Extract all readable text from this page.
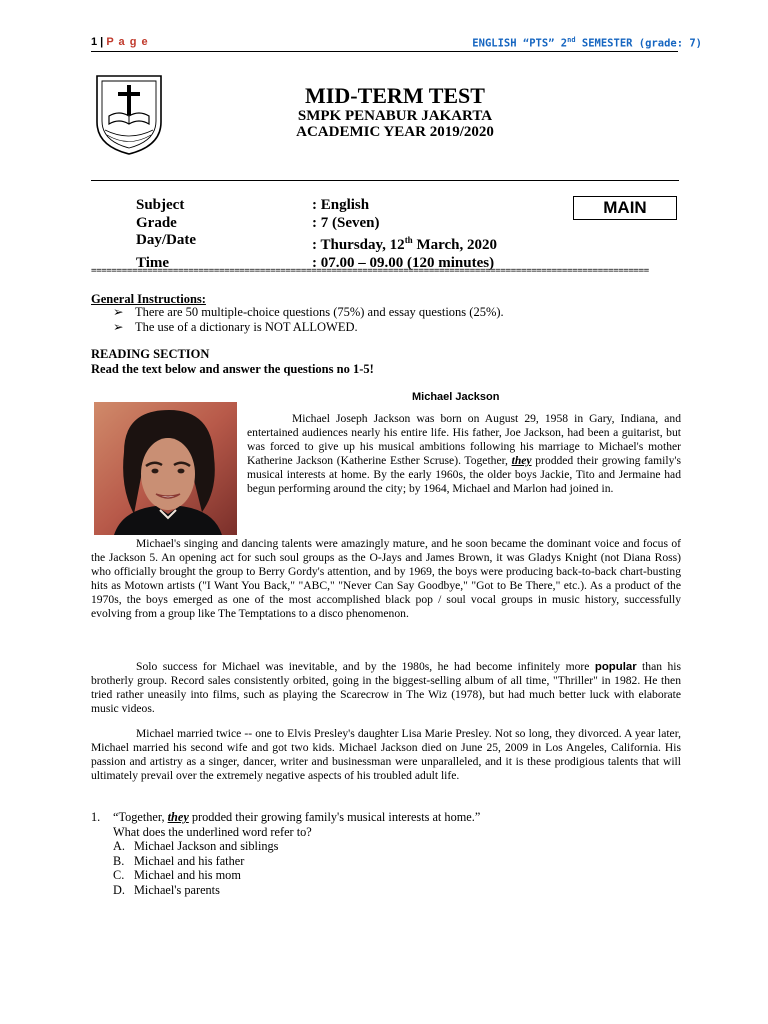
1 | P a g e	ENGLISH “PTS” 2nd SEMESTER (grade: 7)
MID-TERM TEST
SMPK PENABUR JAKARTA
ACADEMIC YEAR 2019/2020
Subject	: English
Grade	: 7 (Seven)
Day/Date	: Thursday, 12th March, 2020
Time	: 07.00 – 09.00 (120 minutes)
MAIN
=============================================================================================================
General Instructions:
➢ There are 50 multiple-choice questions (75%) and essay questions (25%).
➢ The use of a dictionary is NOT ALLOWED.
READING SECTION
Read the text below and answer the questions no 1-5!
Michael Jackson
Michael Joseph Jackson was born on August 29, 1958 in Gary, Indiana, and entertained audiences nearly his entire life. His father, Joe Jackson, had been a guitarist, but was forced to give up his musical ambitions following his marriage to Michael's mother Katherine Jackson (Katherine Esther Scruse). Together, they prodded their growing family's musical interests at home. By the early 1960s, the older boys Jackie, Tito and Jermaine had begun performing around the city; by 1964, Michael and Marlon had joined in.
Michael's singing and dancing talents were amazingly mature, and he soon became the dominant voice and focus of the Jackson 5. An opening act for such soul groups as the O-Jays and James Brown, it was Gladys Knight (not Diana Ross) who officially brought the group to Berry Gordy's attention, and by 1969, the boys were producing back-to-back chart-busting hits as Motown artists ("I Want You Back," "ABC," "Never Can Say Goodbye," "Got to Be There," etc.). As a product of the 1970s, the boys emerged as one of the most accomplished black pop / soul vocal groups in music history, successfully evolving from a group like The Temptations to a disco phenomenon.
Solo success for Michael was inevitable, and by the 1980s, he had become infinitely more popular than his brotherly group. Record sales consistently orbited, going in the biggest-selling album of all time, "Thriller" in 1982. He then tried rather uneasily into films, such as playing the Scarecrow in The Wiz (1978), but had much better luck with elaborate music videos.
Michael married twice -- one to Elvis Presley's daughter Lisa Marie Presley. Not so long, they divorced. A year later, Michael married his second wife and got two kids. Michael Jackson died on June 25, 2009 in Los Angeles, California. His passion and artistry as a singer, dancer, writer and businessman were unparalleled, and it is these prodigious talents that will ultimately prevail over the extremely negative aspects of his troubled adult life.
1.	“Together, they prodded their growing family's musical interests at home.”
What does the underlined word refer to?
A. Michael Jackson and siblings
B. Michael and his father
C. Michael and his mom
D. Michael's parents
